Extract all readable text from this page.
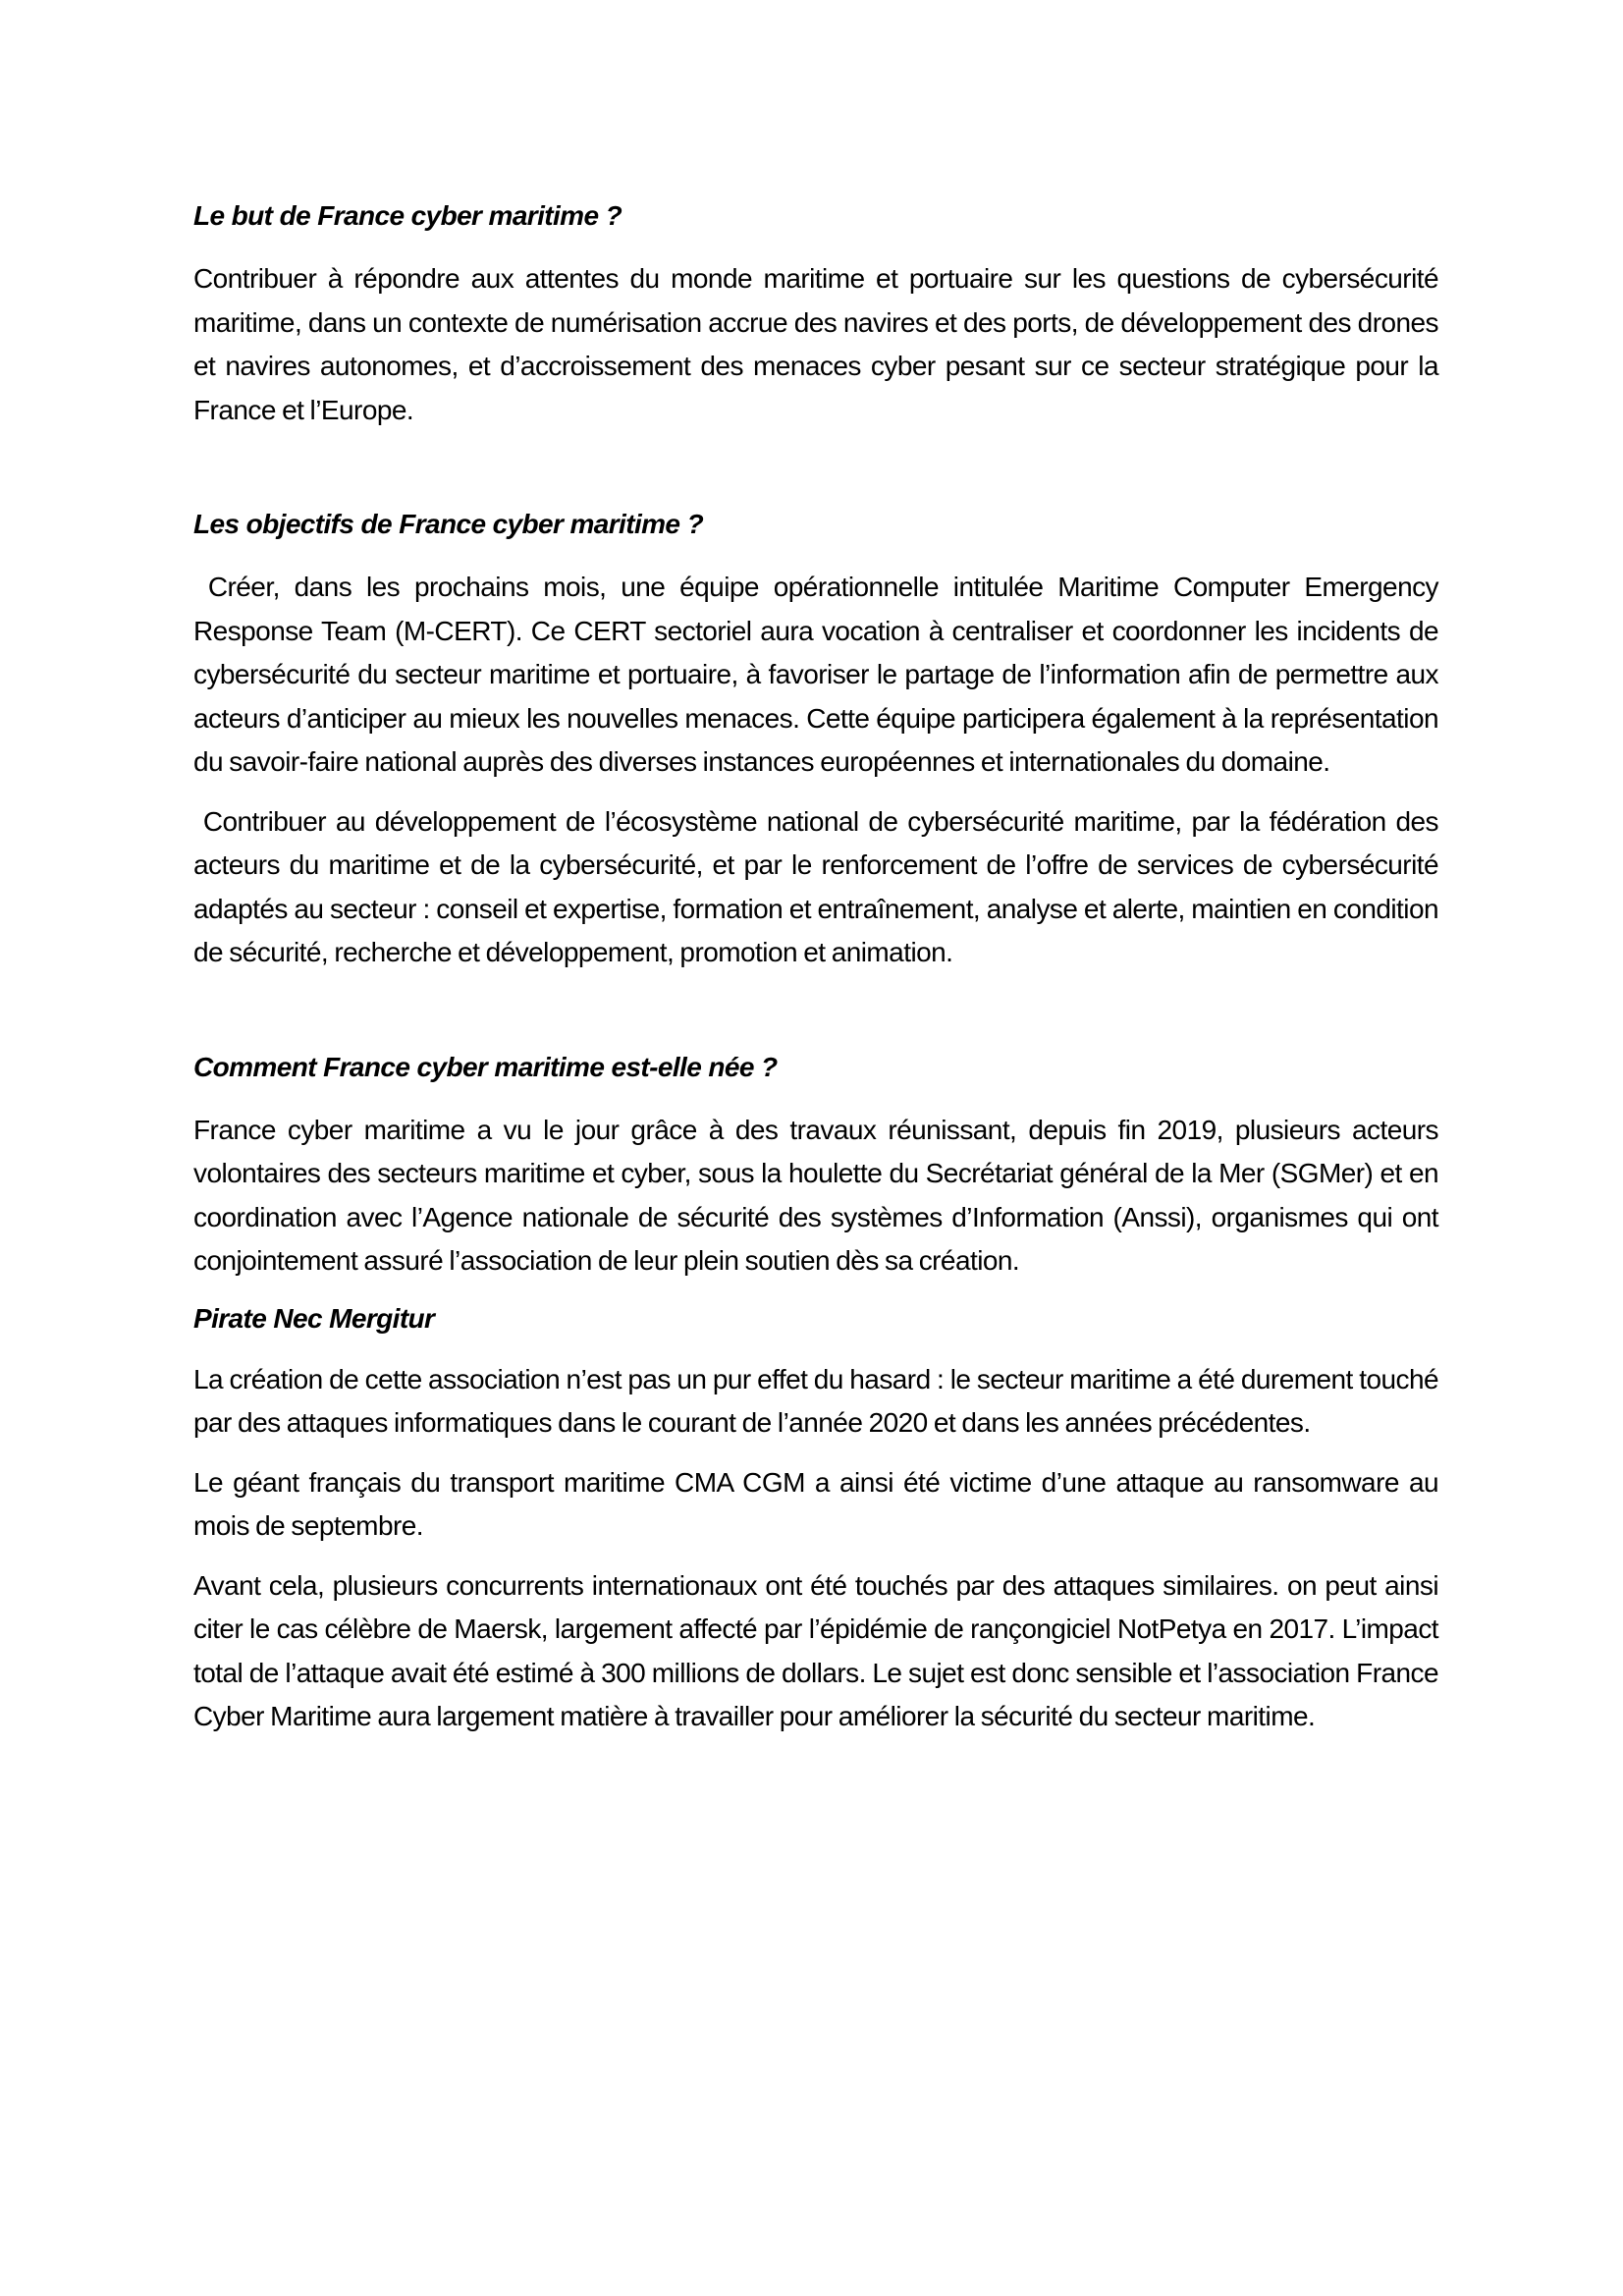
Le but de France cyber maritime ?

Contribuer à répondre aux attentes du monde maritime et portuaire sur les questions de cybersécurité maritime, dans un contexte de numérisation accrue des navires et des ports, de développement des drones et navires autonomes, et d’accroissement des menaces cyber pesant sur ce secteur stratégique pour la France et l’Europe.

Les objectifs de France cyber maritime ?

Créer, dans les prochains mois, une équipe opérationnelle intitulée Maritime Computer Emergency Response Team (M-CERT). Ce CERT sectoriel aura vocation à centraliser et coordonner les incidents de cybersécurité du secteur maritime et portuaire, à favoriser le partage de l’information afin de permettre aux acteurs d’anticiper au mieux les nouvelles menaces. Cette équipe participera également à la représentation du savoir-faire national auprès des diverses instances européennes et internationales du domaine.

Contribuer au développement de l’écosystème national de cybersécurité maritime, par la fédération des acteurs du maritime et de la cybersécurité, et par le renforcement de l’offre de services de cybersécurité adaptés au secteur : conseil et expertise, formation et entraînement, analyse et alerte, maintien en condition de sécurité, recherche et développement, promotion et animation.

Comment France cyber maritime est-elle née ?

France cyber maritime a vu le jour grâce à des travaux réunissant, depuis fin 2019, plusieurs acteurs volontaires des secteurs maritime et cyber, sous la houlette du Secrétariat général de la Mer (SGMer) et en coordination avec l’Agence nationale de sécurité des systèmes d’Information (Anssi), organismes qui ont conjointement assuré l’association de leur plein soutien dès sa création.

Pirate Nec Mergitur

La création de cette association n’est pas un pur effet du hasard : le secteur maritime a été durement touché par des attaques informatiques dans le courant de l’année 2020 et dans les années précédentes.

Le géant français du transport maritime CMA CGM a ainsi été victime d’une attaque au ransomware au mois de septembre.

Avant cela, plusieurs concurrents internationaux ont été touchés par des attaques similaires. on peut ainsi citer le cas célèbre de Maersk, largement affecté par l’épidémie de rançongiciel NotPetya en 2017. L’impact total de l’attaque avait été estimé à 300 millions de dollars. Le sujet est donc sensible et l’association France Cyber Maritime aura largement matière à travailler pour améliorer la sécurité du secteur maritime.
